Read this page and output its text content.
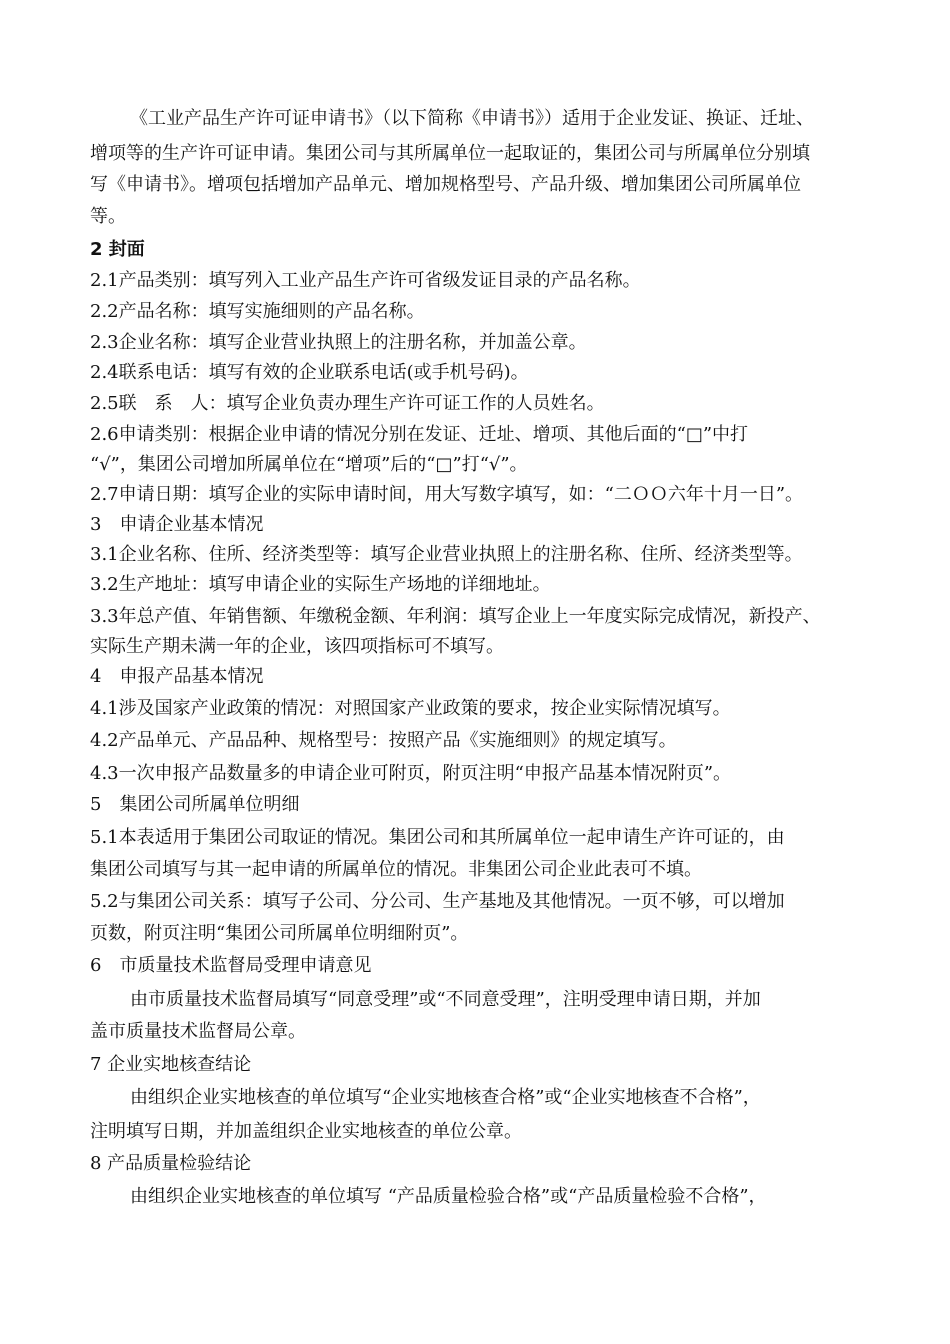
《工业产品生产许可证申请书》（以下简称《申请书》）适用于企业发证、换证、迁址、

增项等的生产许可证申请。集团公司与其所属单位一起取证的，集团公司与所属单位分别填

写《申请书》。增项包括增加产品单元、增加规格型号、产品升级、增加集团公司所属单位

等。

2 封面

2.1产品类别：填写列入工业产品生产许可省级发证目录的产品名称。

2.2产品名称：填写实施细则的产品名称。

2.3企业名称：填写企业营业执照上的注册名称，并加盖公章。

2.4联系电话：填写有效的企业联系电话(或手机号码)。

2.5联　系　人：填写企业负责办理生产许可证工作的人员姓名。

2.6申请类别：根据企业申请的情况分别在发证、迁址、增项、其他后面的“□”中打

“√”，集团公司增加所属单位在“增项”后的“□”打“√”。

2.7申请日期：填写企业的实际申请时间，用大写数字填写，如：“二ＯＯ六年十月一日”。

3　申请企业基本情况

3.1企业名称、住所、经济类型等：填写企业营业执照上的注册名称、住所、经济类型等。

3.2生产地址：填写申请企业的实际生产场地的详细地址。

3.3年总产值、年销售额、年缴税金额、年利润：填写企业上一年度实际完成情况，新投产、

实际生产期未满一年的企业，该四项指标可不填写。

4　申报产品基本情况

4.1涉及国家产业政策的情况：对照国家产业政策的要求，按企业实际情况填写。

4.2产品单元、产品品种、规格型号：按照产品《实施细则》的规定填写。

4.3一次申报产品数量多的申请企业可附页，附页注明“申报产品基本情况附页”。

5　集团公司所属单位明细

5.1本表适用于集团公司取证的情况。集团公司和其所属单位一起申请生产许可证的，由

集团公司填写与其一起申请的所属单位的情况。非集团公司企业此表可不填。

5.2与集团公司关系：填写子公司、分公司、生产基地及其他情况。一页不够，可以增加

页数，附页注明“集团公司所属单位明细附页”。

6　市质量技术监督局受理申请意见

由市质量技术监督局填写“同意受理”或“不同意受理”，注明受理申请日期，并加

盖市质量技术监督局公章。

7 企业实地核查结论

由组织企业实地核查的单位填写“企业实地核查合格”或“企业实地核查不合格”，

注明填写日期，并加盖组织企业实地核查的单位公章。

8 产品质量检验结论

由组织企业实地核查的单位填写 “产品质量检验合格”或“产品质量检验不合格”，
